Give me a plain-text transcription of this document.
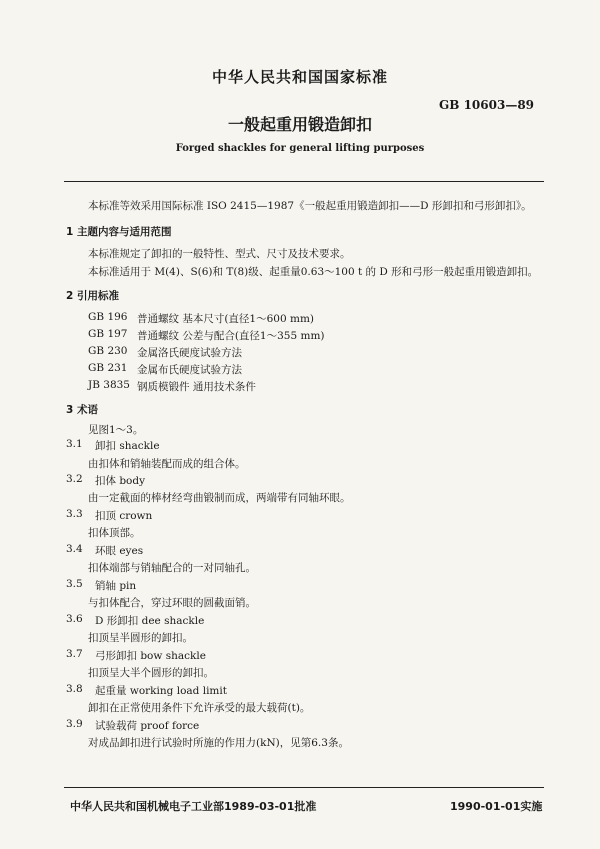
中华人民共和国国家标准
GB 10603—89
一般起重用锻造卸扣
Forged shackles for general lifting purposes
本标准等效采用国际标准 ISO 2415—1987《一般起重用锻造卸扣——D 形卸扣和弓形卸扣》。
1 主题内容与适用范围
本标准规定了卸扣的一般特性、型式、尺寸及技术要求。
本标准适用于 M(4)、S(6)和 T(8)级、起重量0.63～100 t 的 D 形和弓形一般起重用锻造卸扣。
2 引用标准
GB 196 普通螺纹 基本尺寸(直径1～600 mm)
GB 197 普通螺纹 公差与配合(直径1～355 mm)
GB 230 金属洛氏硬度试验方法
GB 231 金属布氏硬度试验方法
JB 3835 钢质模锻件 通用技术条件
3 术语
见图1～3。
3.1 卸扣 shackle
由扣体和销轴装配而成的组合体。
3.2 扣体 body
由一定截面的棒材经弯曲锻制而成，两端带有同轴环眼。
3.3 扣顶 crown
扣体顶部。
3.4 环眼 eyes
扣体端部与销轴配合的一对同轴孔。
3.5 销轴 pin
与扣体配合，穿过环眼的圆截面销。
3.6 D 形卸扣 dee shackle
扣顶呈半圆形的卸扣。
3.7 弓形卸扣 bow shackle
扣顶呈大半个圆形的卸扣。
3.8 起重量 working load limit
卸扣在正常使用条件下允许承受的最大载荷(t)。
3.9 试验载荷 proof force
对成品卸扣进行试验时所施的作用力(kN)，见第6.3条。
中华人民共和国机械电子工业部1989-03-01批准	1990-01-01实施
